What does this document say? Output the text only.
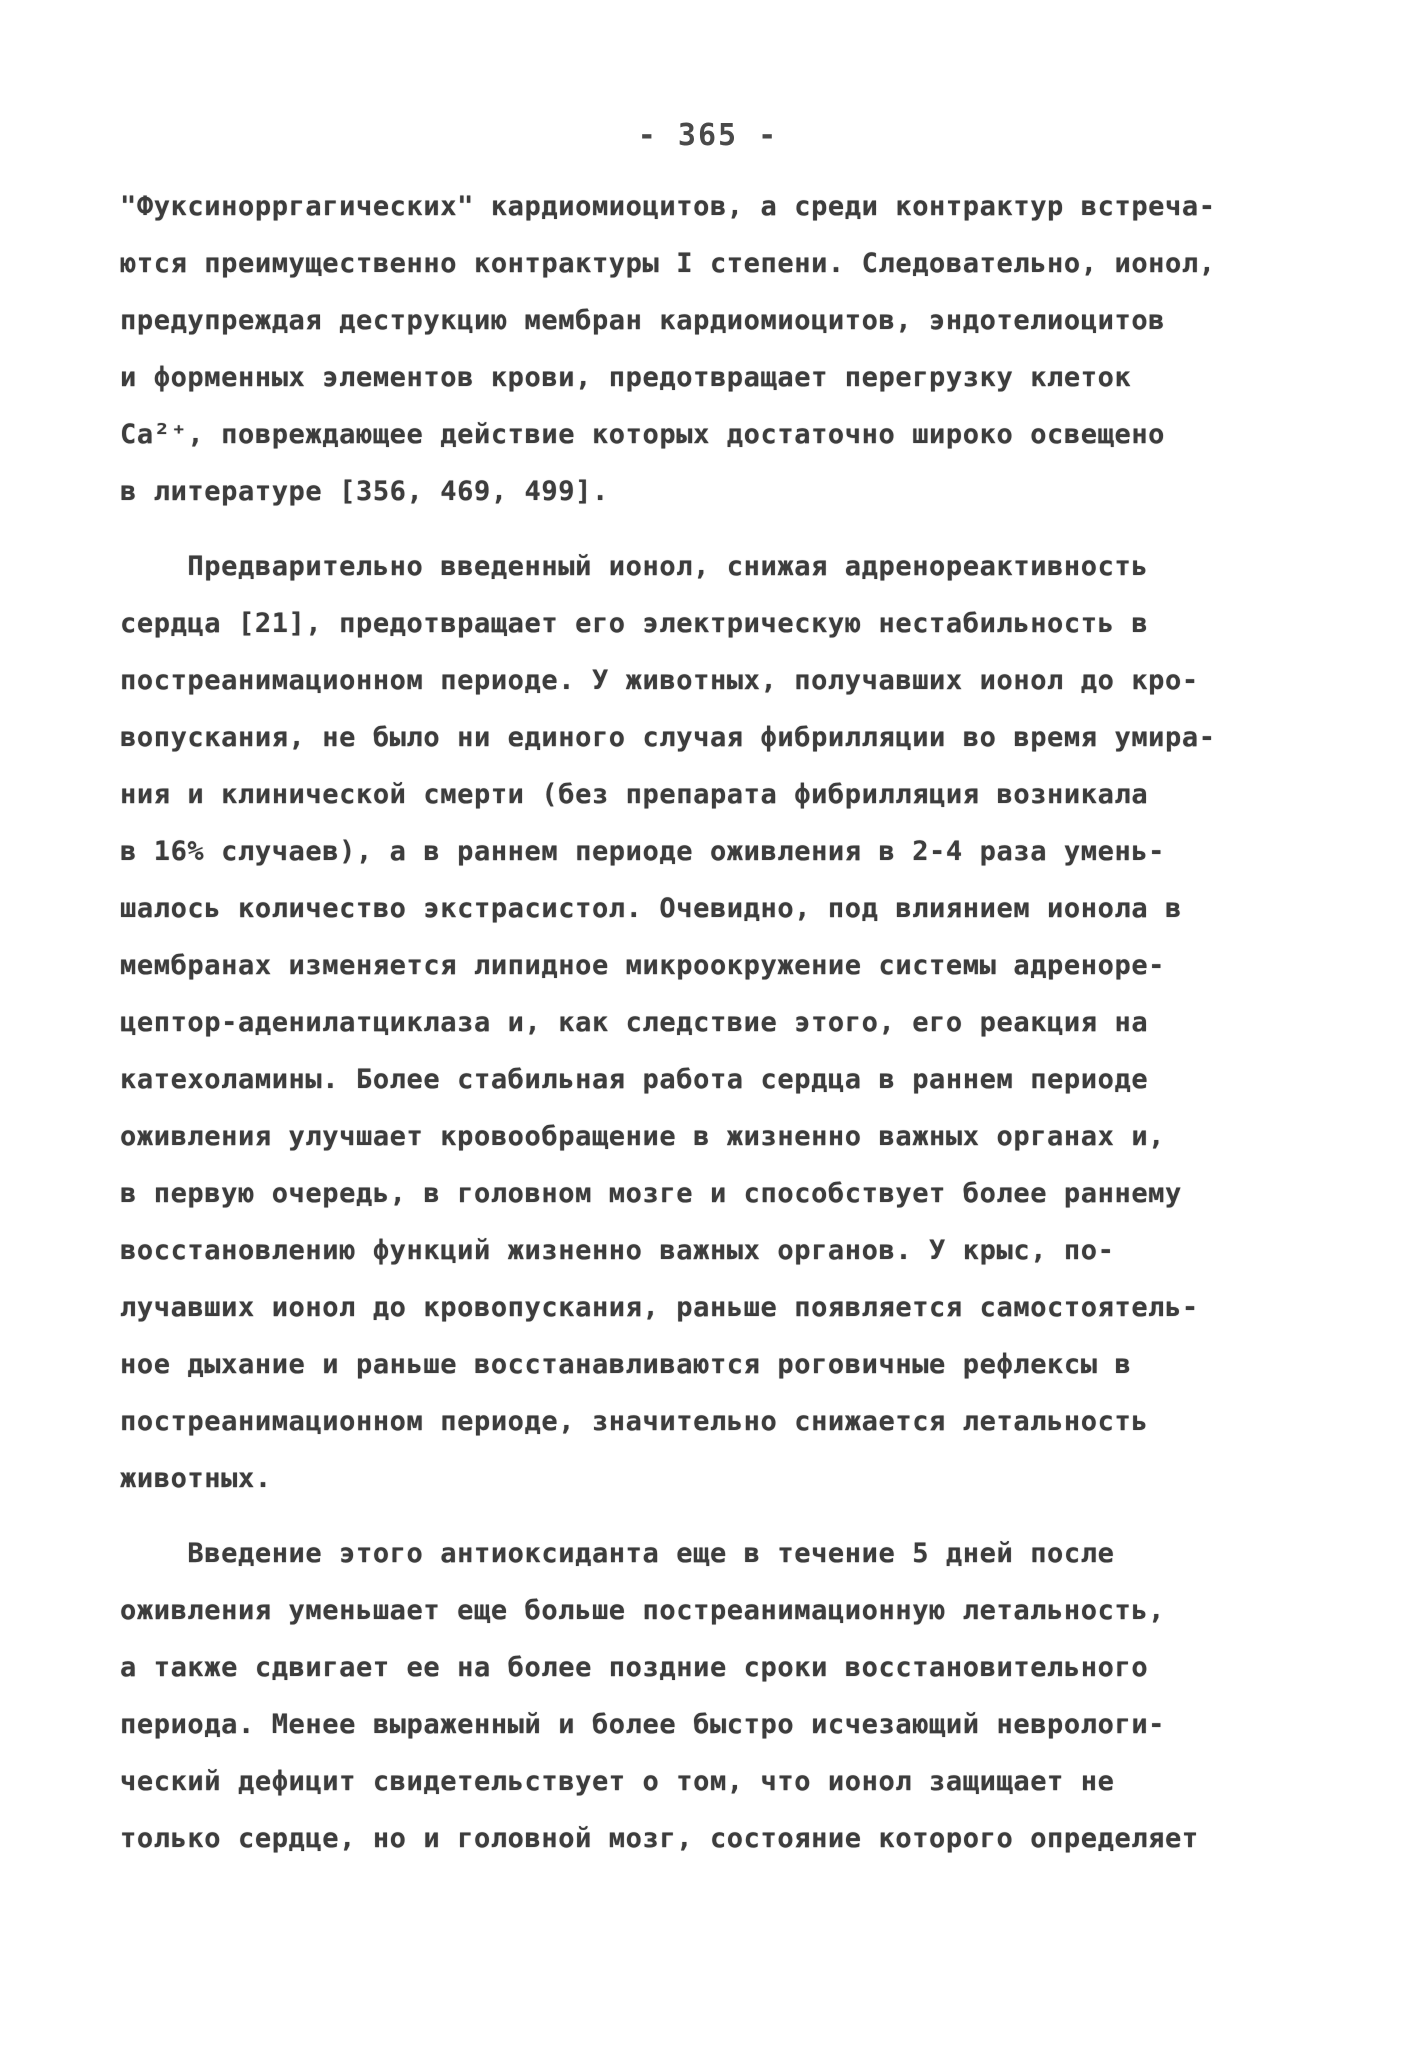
- 365 -
"Фуксинорргагических" кардиомиоцитов, а среди контрактур встреча-
ются преимущественно контрактуры I степени. Следовательно, ионол,
предупреждая деструкцию мембран кардиомиоцитов, эндотелиоцитов
и форменных элементов крови, предотвращает перегрузку клеток
Ca²⁺, повреждающее действие которых достаточно широко освещено
в литературе [356, 469, 499].
Предварительно введенный ионол, снижая адренореактивность
сердца [21], предотвращает его электрическую нестабильность в
постреанимационном периоде. У животных, получавших ионол до кро-
вопускания, не было ни единого случая фибрилляции во время умира-
ния и клинической смерти (без препарата фибрилляция возникала
в 16% случаев), а в раннем периоде оживления в 2-4 раза умень-
шалось количество экстрасистол. Очевидно, под влиянием ионола в
мембранах изменяется липидное микроокружение системы адреноре-
цептор-аденилатциклаза и, как следствие этого, его реакция на
катехоламины. Более стабильная работа сердца в раннем периоде
оживления улучшает кровообращение в жизненно важных органах и,
в первую очередь, в головном мозге и способствует более раннему
восстановлению функций жизненно важных органов. У крыс, по-
лучавших ионол до кровопускания, раньше появляется самостоятель-
ное дыхание и раньше восстанавливаются роговичные рефлексы в
постреанимационном периоде, значительно снижается летальность
животных.
Введение этого антиоксиданта еще в течение 5 дней после
оживления уменьшает еще больше постреанимационную летальность,
а также сдвигает ее на более поздние сроки восстановительного
периода. Менее выраженный и более быстро исчезающий неврологи-
ческий дефицит свидетельствует о том, что ионол защищает не
только сердце, но и головной мозг, состояние которого определяет
